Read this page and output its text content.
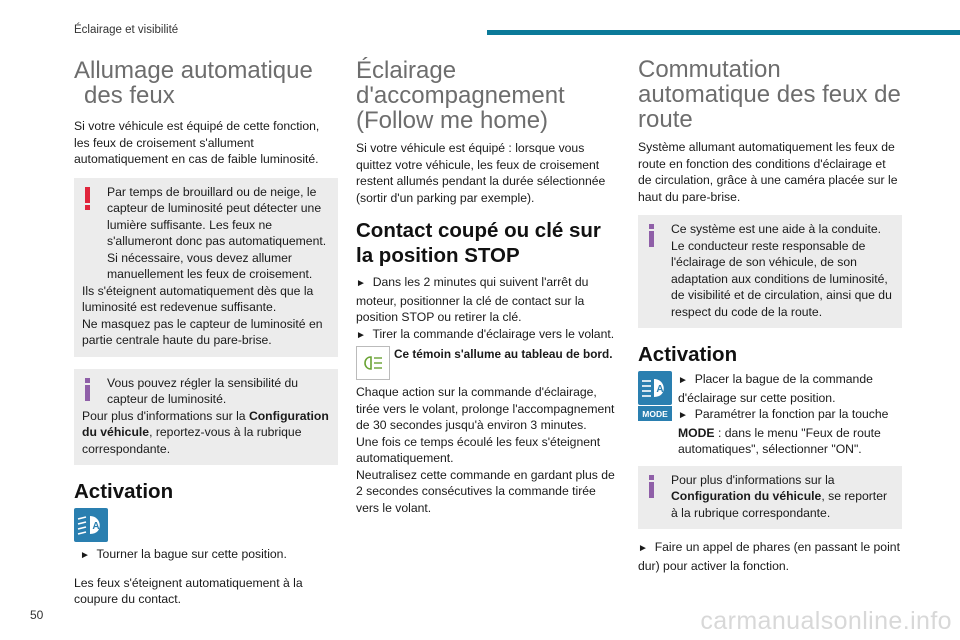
Éclairage et visibilité
Allumage automatique
des feux

Si votre véhicule est équipé de cette fonction, les feux de croisement s'allument automatiquement en cas de faible luminosité.

Par temps de brouillard ou de neige, le capteur de luminosité peut détecter une lumière suffisante. Les feux ne s'allumeront donc pas automatiquement. Si nécessaire, vous devez allumer manuellement les feux de croisement.
Ils s'éteignent automatiquement dès que la luminosité est redevenue suffisante.
Ne masquez pas le capteur de luminosité en partie centrale haute du pare-brise.
Vous pouvez régler la sensibilité du capteur de luminosité.
Pour plus d'informations sur la Configuration du véhicule, reportez-vous à la rubrique correspondante.
Activation
A

► Tourner la bague sur cette position.

Les feux s'éteignent automatiquement à la coupure du contact.

Éclairage
d'accompagnement
(Follow me home)

Si votre véhicule est équipé : lorsque vous quittez votre véhicule, les feux de croisement restent allumés pendant la durée sélectionnée (sortir d'un parking par exemple).

Contact coupé ou clé sur la position STOP

► Dans les 2 minutes qui suivent l'arrêt du moteur, positionner la clé de contact sur la position STOP ou retirer la clé.

► Tirer la commande d'éclairage vers le volant.

Ce témoin s'allume au tableau de bord.

Chaque action sur la commande d'éclairage, tirée vers le volant, prolonge l'accompagnement de 30 secondes jusqu'à environ 3 minutes.

Une fois ce temps écoulé les feux s'éteignent automatiquement.

Neutralisez cette commande en gardant plus de 2 secondes consécutives la commande tirée vers le volant.

Commutation
automatique des feux de
route

Système allumant automatiquement les feux de route en fonction des conditions d'éclairage et de circulation, grâce à une caméra placée sur le haut du pare-brise.

Ce système est une aide à la conduite. Le conducteur reste responsable de l'éclairage de son véhicule, de son adaptation aux conditions de luminosité, de visibilité et de circulation, ainsi que du respect du code de la route.
Activation
A
MODE

► Placer la bague de la commande d'éclairage sur cette position.

► Paramétrer la fonction par la touche MODE : dans le menu "Feux de route automatiques", sélectionner "ON".

Pour plus d'informations sur la Configuration du véhicule, se reporter à la rubrique correspondante.

► Faire un appel de phares (en passant le point dur) pour activer la fonction.

50	carmanualsonline.info
